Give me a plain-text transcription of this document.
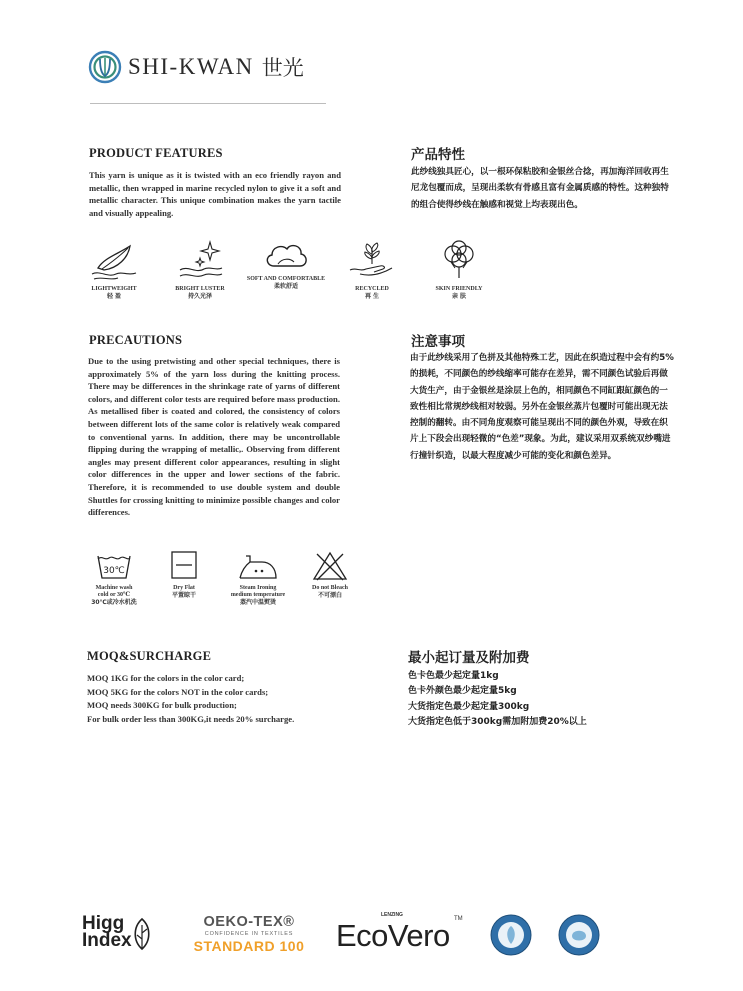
SHI-KWAN 世光
PRODUCT FEATURES	产品特性
This yarn is unique as it is twisted with an eco friendly rayon and metallic, then wrapped in marine recycled nylon to give it a soft and metallic character. This unique combination makes the yarn tactile and visually appealing.
此纱线独具匠心，以一根环保粘胶和金银丝合捻，再加海洋回收再生尼龙包覆而成，呈现出柔软有骨感且富有金属质感的特性。这种独特的组合使得纱线在触感和视觉上均表现出色。
LIGHTWEIGHT
轻 盈
BRIGHT LUSTER
持久光泽
SOFT AND COMFORTABLE
柔软舒适	RECYCLED
再 生
SKIN FRIENDLY
亲 肤
PRECAUTIONS	注意事项
Due to the using pretwisting and other special techniques, there is approximately 5% of the yarn loss during the knitting process. There may be differences in the shrinkage rate of yarns of different colors, and different color tests are required before mass production. As metallised fiber is coated and colored, the consistency of colors between different lots of the same color is relatively weak compared to conventional yarns. In addition, there may be uncontrollable flipping during the wrapping of metallic,. Observing from different angles may present different color appearances, resulting in slight color differences in the upper and lower sections of the fabric. Therefore, it is recommended to use double system and double Shuttles for crossing knitting to minimize possible changes and color differences.
由于此纱线采用了色拼及其他特殊工艺，因此在织造过程中会有约5%的损耗，不同颜色的纱线缩率可能存在差异，需不同颜色试验后再做大货生产，由于金银丝是涂层上色的，相同颜色不同缸跟缸颜色的一致性相比常规纱线相对较弱。另外在金银丝蒸片包覆时可能出现无法控制的翻转。由不同角度观察可能呈现出不同的颜色外观，导致在织片上下段会出现轻微的“色差”现象。为此，建议采用双系统双纱嘴进行撞针织造，以最大程度减少可能的变化和颜色差异。
30℃
Machine wash
cold or 30℃
30℃或冷水机洗
Dry Flat
平置晾干
Steam Ironing
medium temperature
蒸汽中温熨烫
Do not Bleach
不可漂白
MOQ&SURCHARGE	最小起订量及附加费
MOQ 1KG for the colors in the color card;
MOQ 5KG for the colors NOT in the color cards;
MOQ needs 300KG for bulk production;
For bulk order less than 300KG,it needs 20% surcharge.
色卡色最少起定量1kg
色卡外颜色最少起定量5kg
大货指定色最少起定量300kg
大货指定色低于300kg需加附加费20%以上
Higg
Index
OEKO-TEX®
CONFIDENCE IN TEXTILES
STANDARD 100
LENZING
EcoVero TM
